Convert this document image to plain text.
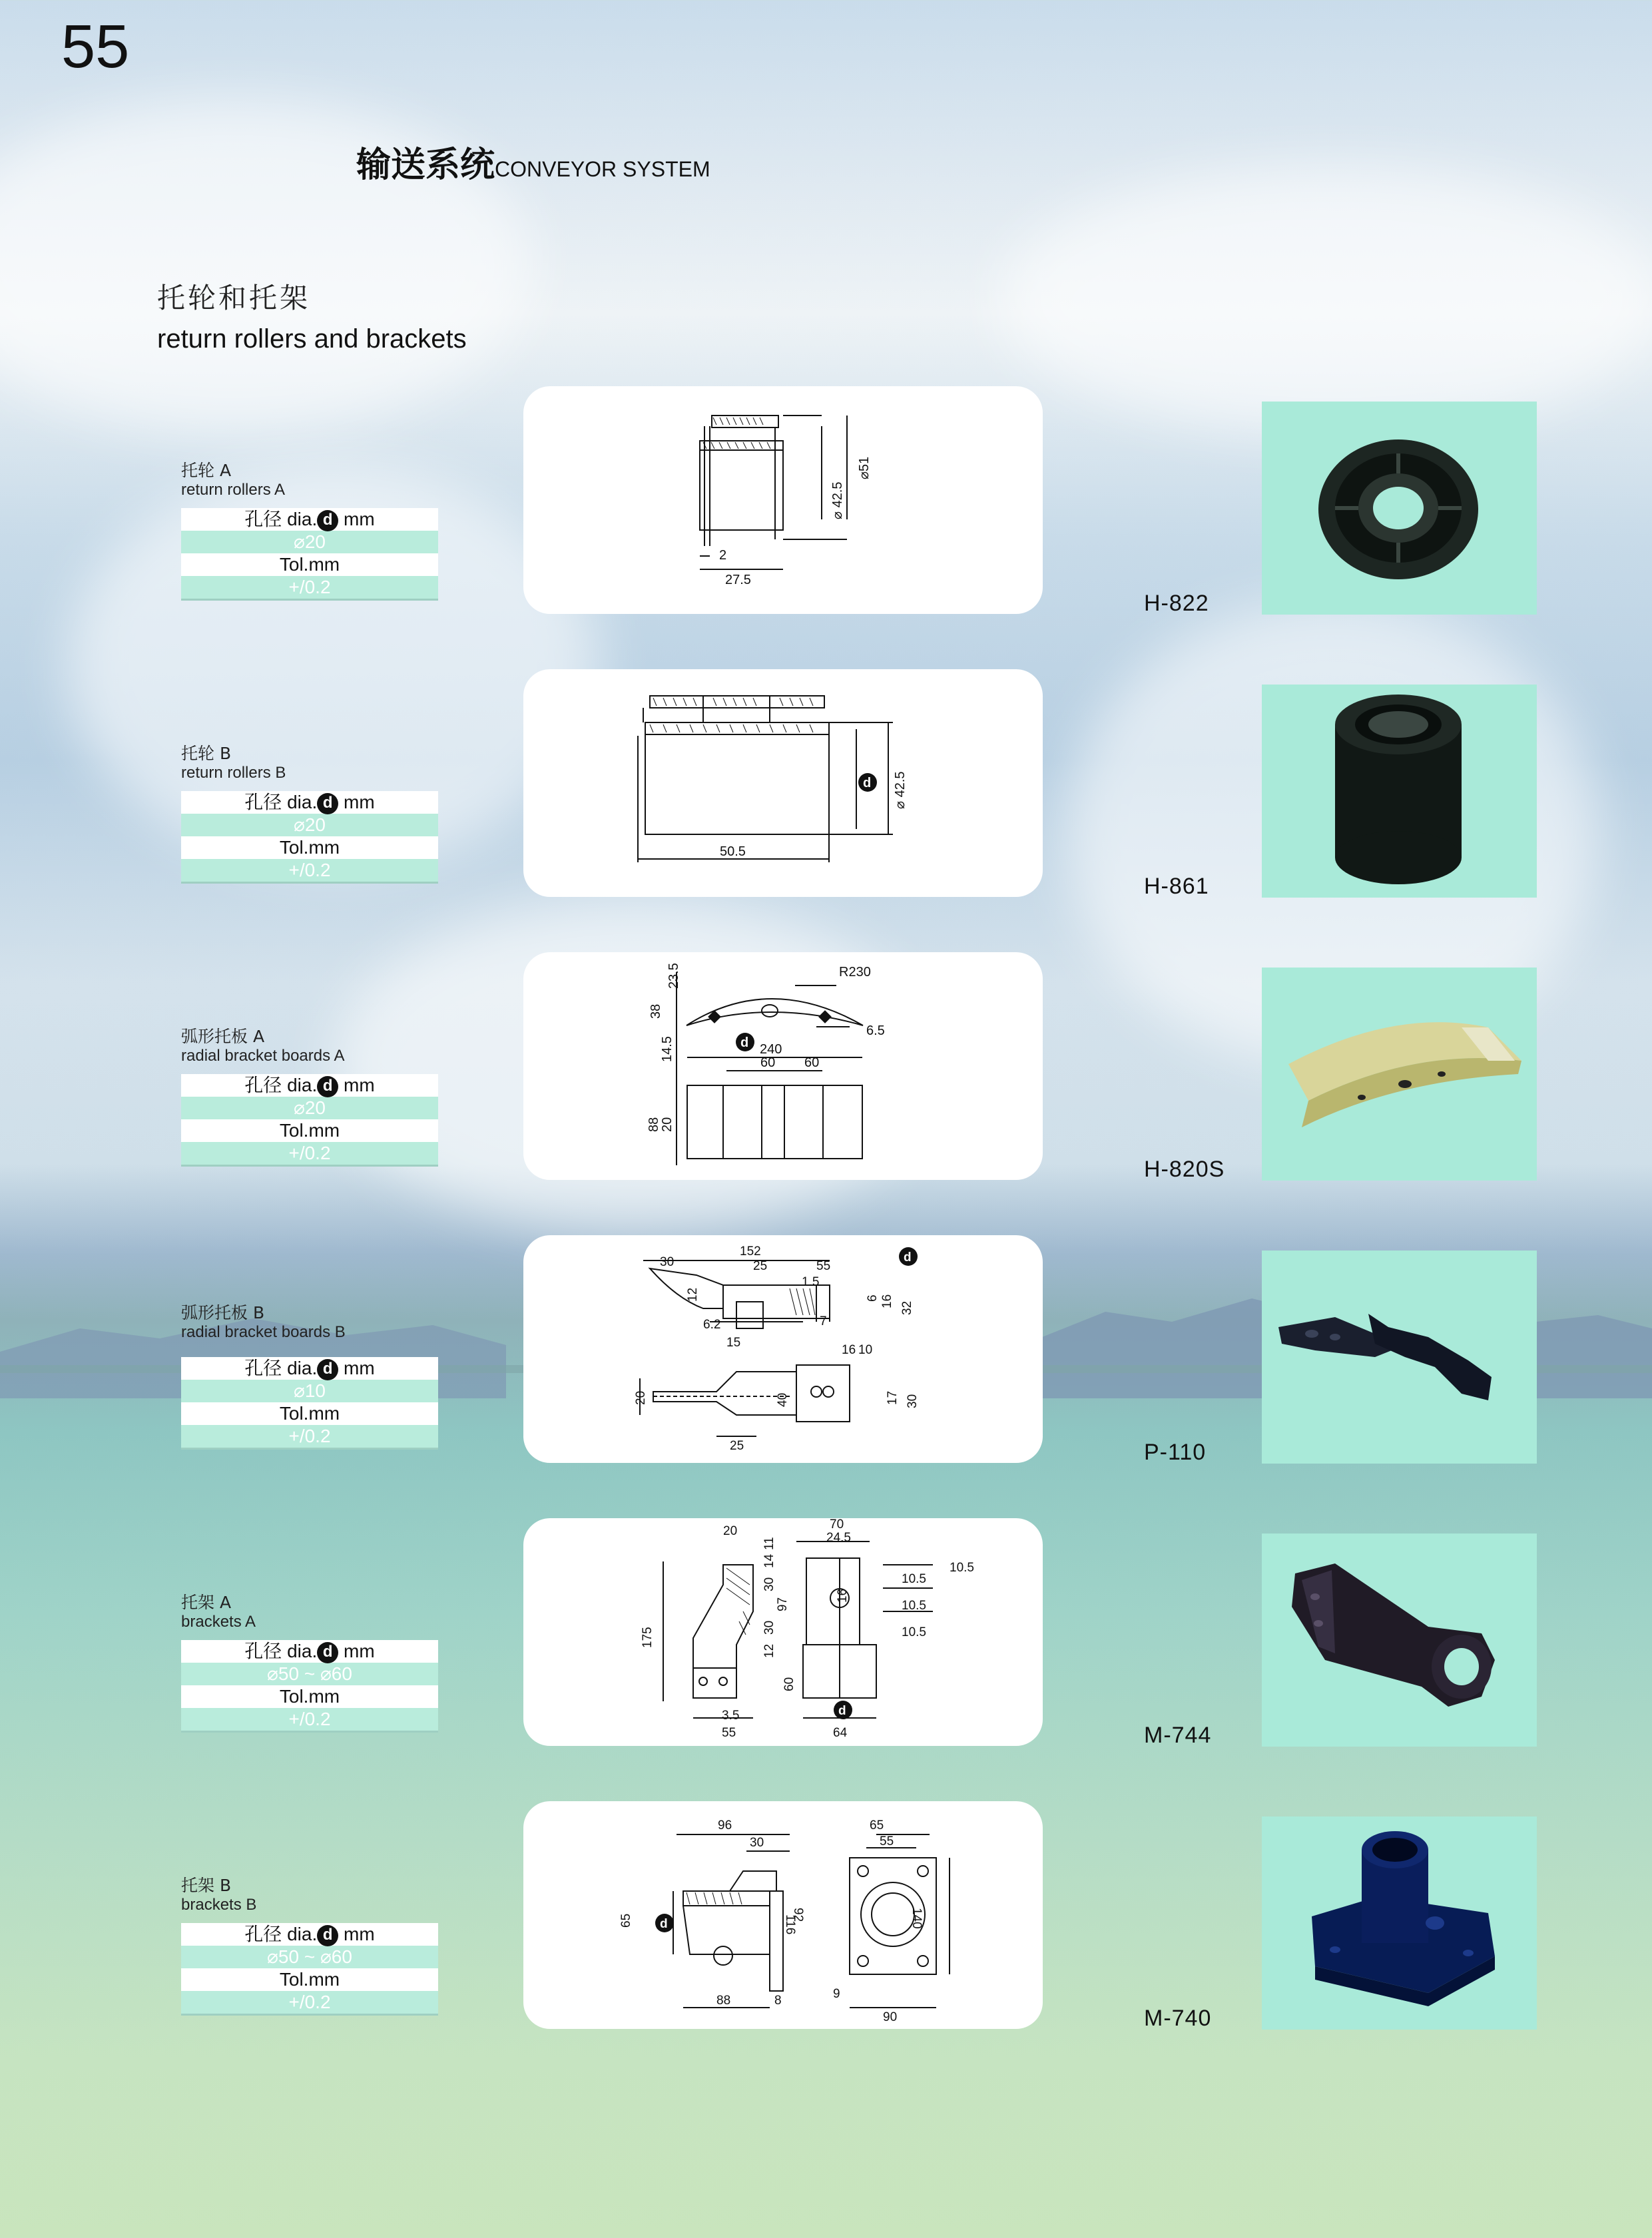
55
输送系统CONVEYOR SYSTEM
托轮和托架
return rollers and brackets
托轮 A
return rollers A
孔径 dia. d mm
⌀20
Tol.mm
+/0.2
2
27.5
⌀ 42.5
⌀51
H-822
托轮 B
return rollers B
孔径 dia. d mm
⌀20
Tol.mm
+/0.2
50.5
⌀ 42.5
d
H-861
弧形托板 A
radial bracket boards A
孔径 dia. d mm
⌀20
Tol.mm
+/0.2
23.5
38
14.5
R230
6.5
240
60 60
88
20
d
H-820S
弧形托板 B
radial bracket boards B
孔径 dia. d mm
⌀10
Tol.mm
+/0.2
30
152
25	55
1.5
12	6 16 32
6.2	7
15
16 10
20	40	17 30
25
d
P-110
托架 A
brackets A
孔径 dia. d mm
⌀50 ~ ⌀60
Tol.mm
+/0.2
20	70
24.5
10.5
10.5
10.5
10.5
175
11
14
30
97
30
12
16
60
3.5
55	64
d
M-744
托架 B
brackets B
孔径 dia. d mm
⌀50 ~ ⌀60
Tol.mm
+/0.2
96
30
65
55
65	92
116	140
88	8	9
90
d
M-740
